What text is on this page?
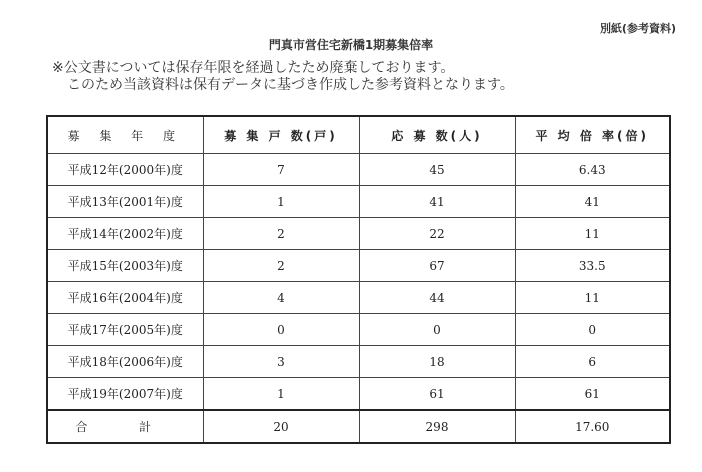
別紙(参考資料)
門真市営住宅新橋1期募集倍率
※公文書については保存年限を経過したため廃棄しております。
このため当該資料は保有データに基づき作成した参考資料となります。
募 集 年 度	募 集 戸 数(戸)	応 募 数(人)	平 均 倍 率(倍)
平成12年(2000年)度	7	45	6.43
平成13年(2001年)度	1	41	41
平成14年(2002年)度	2	22	11
平成15年(2003年)度	2	67	33.5
平成16年(2004年)度	4	44	11
平成17年(2005年)度	0	0	0
平成18年(2006年)度	3	18	6
平成19年(2007年)度	1	61	61
合 計	20	298	17.60
